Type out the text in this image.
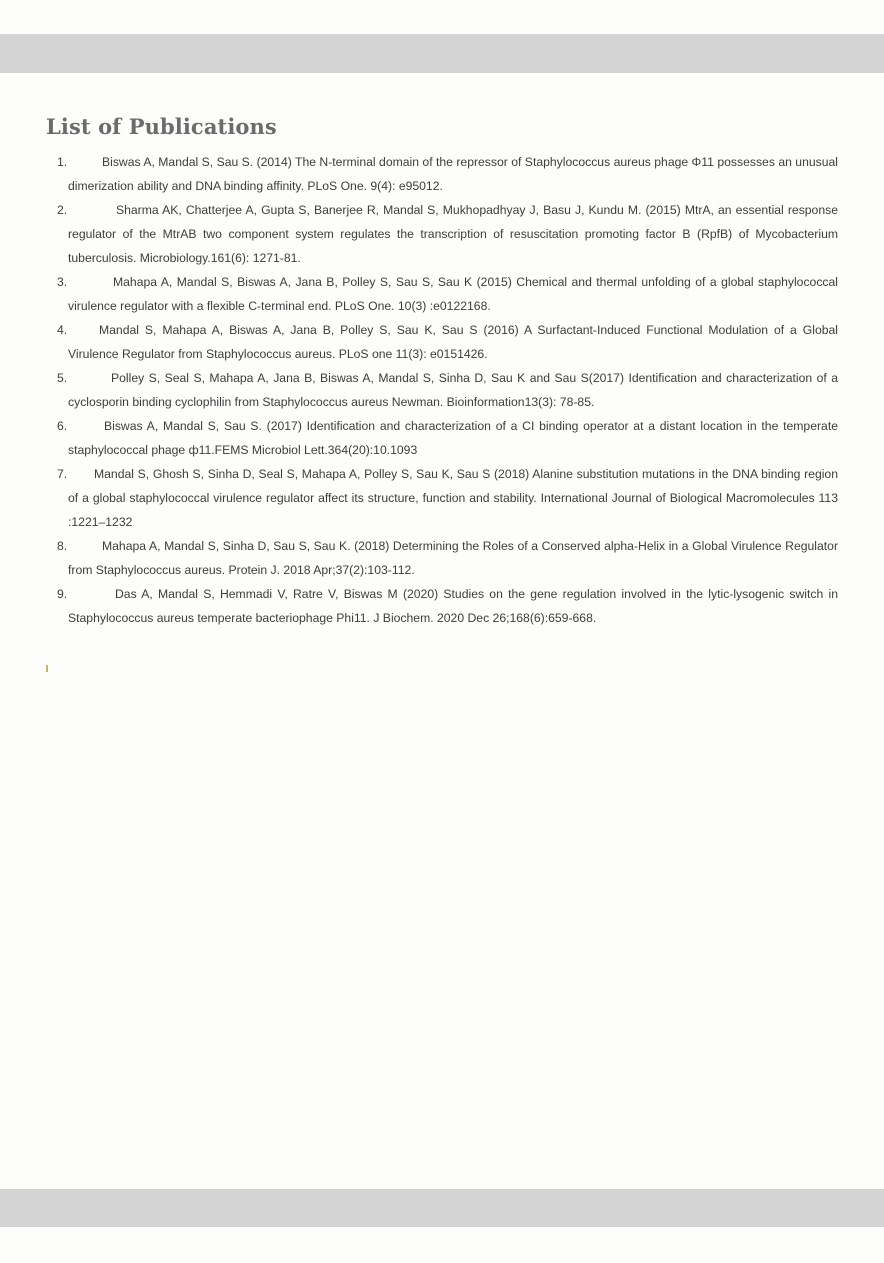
List of Publications
1.	Biswas A, Mandal S, Sau S. (2014) The N-terminal domain of the repressor of Staphylococcus aureus phage Φ11 possesses an unusual dimerization ability and DNA binding affinity. PLoS One. 9(4): e95012.
2.	Sharma AK, Chatterjee A, Gupta S, Banerjee R, Mandal S, Mukhopadhyay J, Basu J, Kundu M. (2015) MtrA, an essential response regulator of the MtrAB two component system regulates the transcription of resuscitation promoting factor B (RpfB) of Mycobacterium tuberculosis. Microbiology.161(6): 1271-81.
3.	Mahapa A, Mandal S, Biswas A, Jana B, Polley S, Sau S, Sau K (2015) Chemical and thermal unfolding of a global staphylococcal virulence regulator with a flexible C-terminal end. PLoS One. 10(3) :e0122168.
4.	Mandal S, Mahapa A, Biswas A, Jana B, Polley S, Sau K, Sau S (2016) A Surfactant-Induced Functional Modulation of a Global Virulence Regulator from Staphylococcus aureus. PLoS one 11(3): e0151426.
5.	Polley S, Seal S, Mahapa A, Jana B, Biswas A, Mandal S, Sinha D, Sau K and Sau S(2017) Identification and characterization of a cyclosporin binding cyclophilin from Staphylococcus aureus Newman. Bioinformation13(3): 78-85.
6.	Biswas A, Mandal S, Sau S. (2017) Identification and characterization of a CI binding operator at a distant location in the temperate staphylococcal phage ф11.FEMS Microbiol Lett.364(20):10.1093
7.	Mandal S, Ghosh S, Sinha D, Seal S, Mahapa A, Polley S, Sau K, Sau S (2018) Alanine substitution mutations in the DNA binding region of a global staphylococcal virulence regulator affect its structure, function and stability. International Journal of Biological Macromolecules 113 :1221–1232
8.	Mahapa A, Mandal S, Sinha D, Sau S, Sau K. (2018) Determining the Roles of a Conserved alpha-Helix in a Global Virulence Regulator from Staphylococcus aureus. Protein J. 2018 Apr;37(2):103-112.
9.	Das A, Mandal S, Hemmadi V, Ratre V, Biswas M (2020) Studies on the gene regulation involved in the lytic-lysogenic switch in Staphylococcus aureus temperate bacteriophage Phi11. J Biochem. 2020 Dec 26;168(6):659-668.
